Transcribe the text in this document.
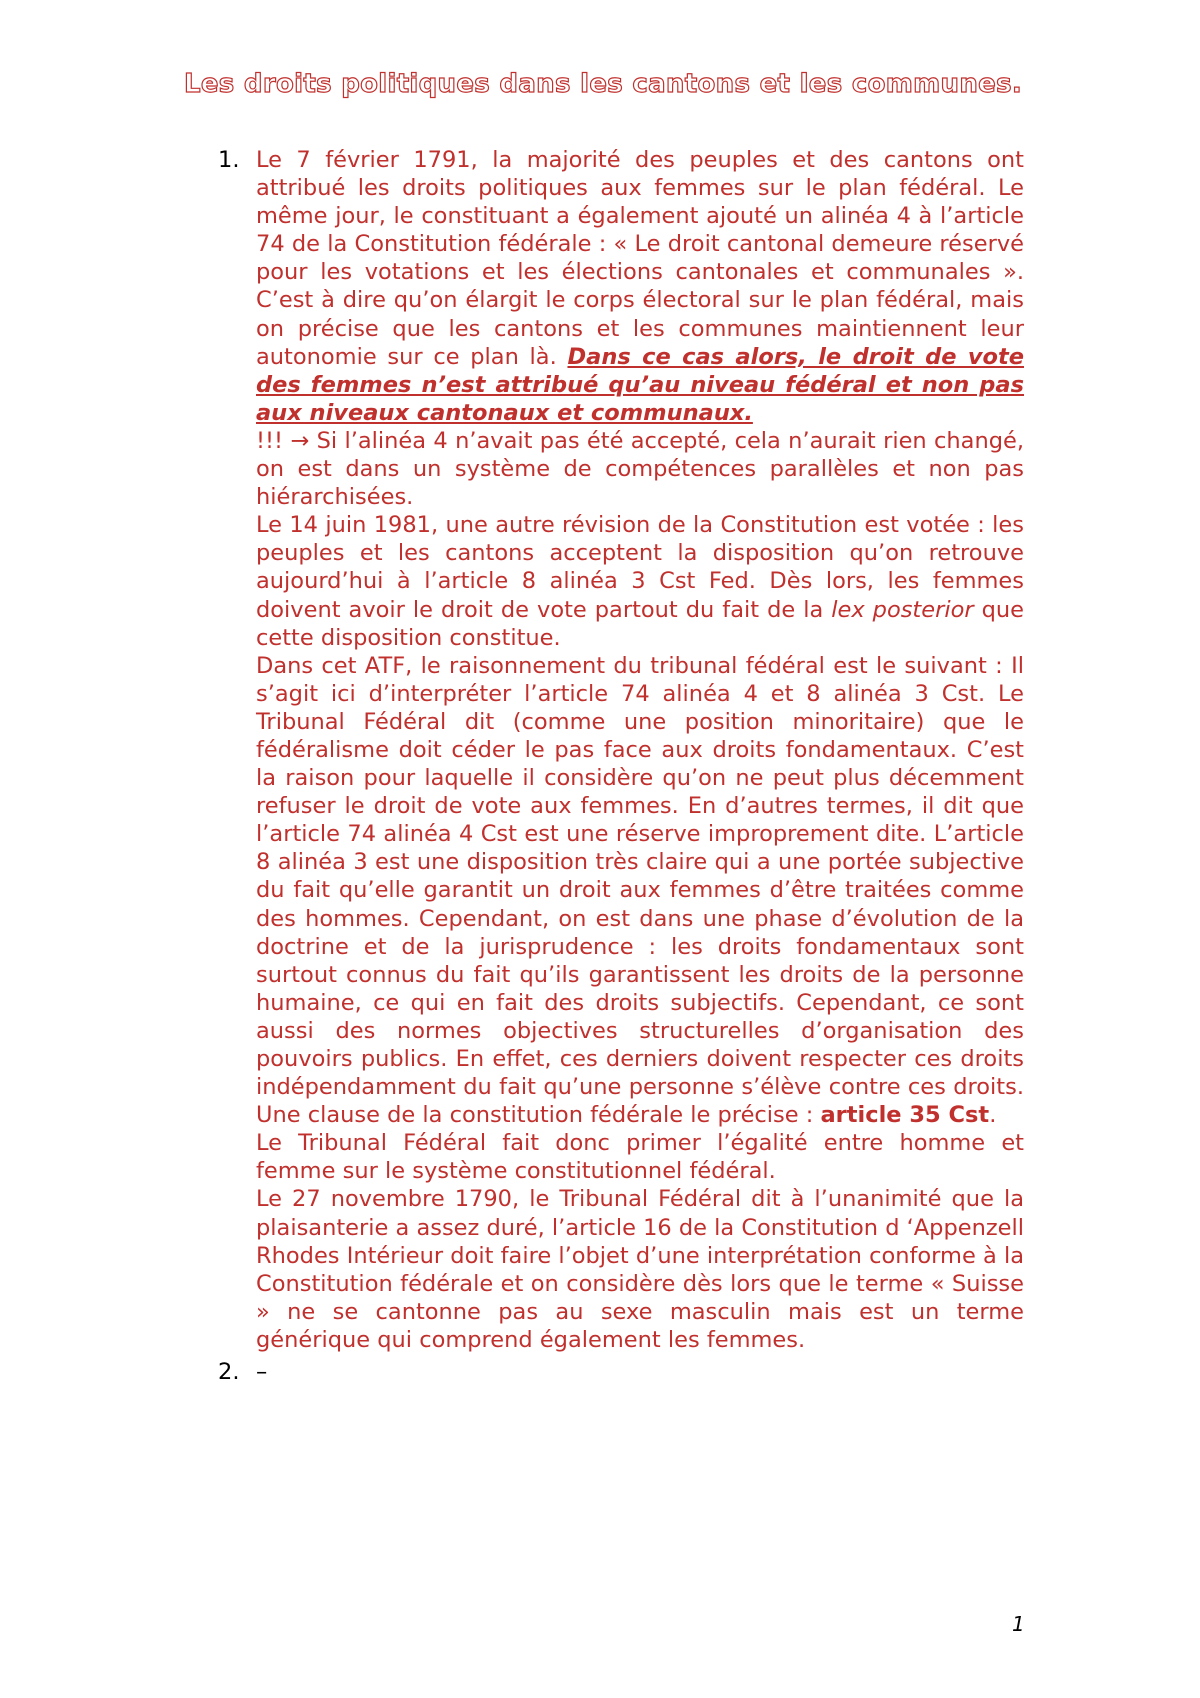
Les droits politiques dans les cantons et les communes.
1. Le 7 février 1791, la majorité des peuples et des cantons ont attribué les droits politiques aux femmes sur le plan fédéral. Le même jour, le constituant a également ajouté un alinéa 4 à l’article 74 de la Constitution fédérale : « Le droit cantonal demeure réservé pour les votations et les élections cantonales et communales ». C’est à dire qu’on élargit le corps électoral sur le plan fédéral, mais on précise que les cantons et les communes maintiennent leur autonomie sur ce plan là. Dans ce cas alors, le droit de vote des femmes n’est attribué qu’au niveau fédéral et non pas aux niveaux cantonaux et communaux.

!!! → Si l’alinéa 4 n’avait pas été accepté, cela n’aurait rien changé, on est dans un système de compétences parallèles et non pas hiérarchisées.

Le 14 juin 1981, une autre révision de la Constitution est votée : les peuples et les cantons acceptent la disposition qu’on retrouve aujourd’hui à l’article 8 alinéa 3 Cst Fed. Dès lors, les femmes doivent avoir le droit de vote partout du fait de la lex posterior que cette disposition constitue.

Dans cet ATF, le raisonnement du tribunal fédéral est le suivant : Il s’agit ici d’interpréter l’article 74 alinéa 4 et 8 alinéa 3 Cst. Le Tribunal Fédéral dit (comme une position minoritaire) que le fédéralisme doit céder le pas face aux droits fondamentaux. C’est la raison pour laquelle il considère qu’on ne peut plus décemment refuser le droit de vote aux femmes. En d’autres termes, il dit que l’article 74 alinéa 4 Cst est une réserve improprement dite. L’article 8 alinéa 3 est une disposition très claire qui a une portée subjective du fait qu’elle garantit un droit aux femmes d’être traitées comme des hommes. Cependant, on est dans une phase d’évolution de la doctrine et de la jurisprudence : les droits fondamentaux sont surtout connus du fait qu’ils garantissent les droits de la personne humaine, ce qui en fait des droits subjectifs. Cependant, ce sont aussi des normes objectives structurelles d’organisation des pouvoirs publics. En effet, ces derniers doivent respecter ces droits indépendamment du fait qu’une personne s’élève contre ces droits. Une clause de la constitution fédérale le précise : article 35 Cst.

Le Tribunal Fédéral fait donc primer l’égalité entre homme et femme sur le système constitutionnel fédéral.

Le 27 novembre 1790, le Tribunal Fédéral dit à l’unanimité que la plaisanterie a assez duré, l’article 16 de la Constitution d ‘Appenzell Rhodes Intérieur doit faire l’objet d’une interprétation conforme à la Constitution fédérale et on considère dès lors que le terme « Suisse » ne se cantonne pas au sexe masculin mais est un terme générique qui comprend également les femmes.

2. –
1
